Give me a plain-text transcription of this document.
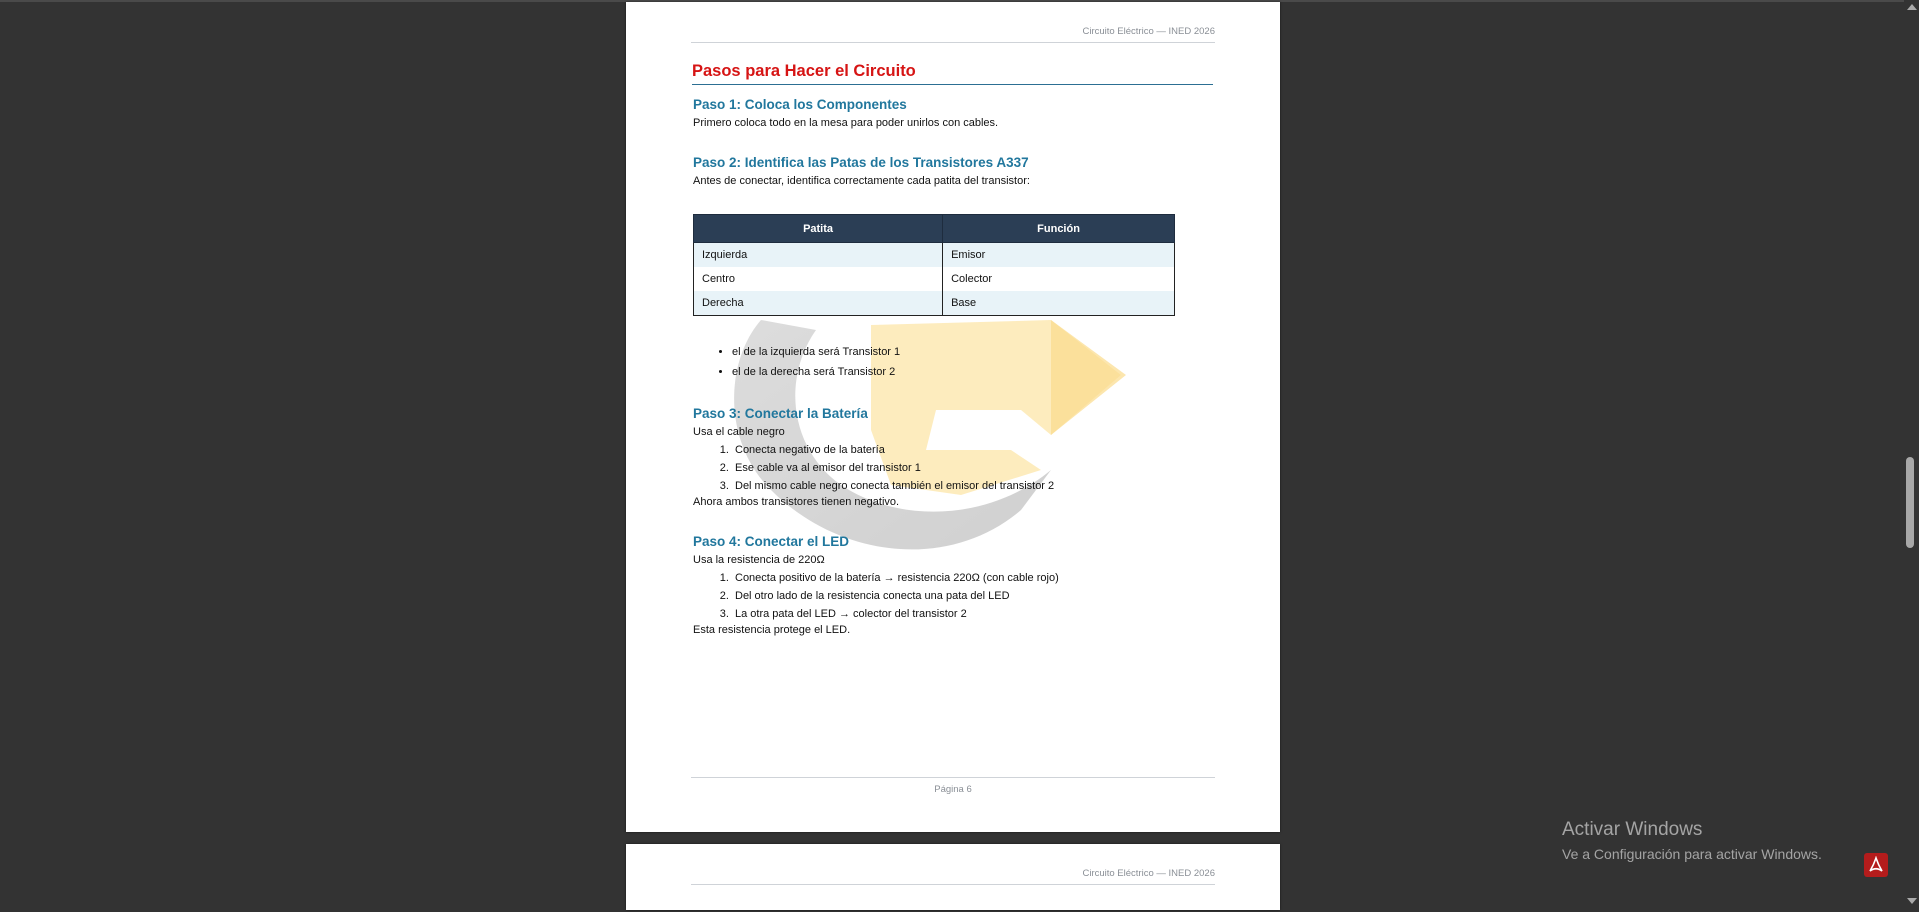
Circuito Eléctrico — INED 2026
Pasos para Hacer el Circuito
Paso 1: Coloca los Componentes

Primero coloca todo en la mesa para poder unirlos con cables.

Paso 2: Identifica las Patas de los Transistores A337

Antes de conectar, identifica correctamente cada patita del transistor:

Patita	Función
Izquierda	Emisor
Centro	Colector
Derecha	Base
• el de la izquierda será Transistor 1
• el de la derecha será Transistor 2
Paso 3: Conectar la Batería

Usa el cable negro

1. Conecta negativo de la batería
2. Ese cable va al emisor del transistor 1
3. Del mismo cable negro conecta también el emisor del transistor 2

Ahora ambos transistores tienen negativo.

Paso 4: Conectar el LED

Usa la resistencia de 220Ω

1. Conecta positivo de la batería → resistencia 220Ω (con cable rojo)
2. Del otro lado de la resistencia conecta una pata del LED
3. La otra pata del LED → colector del transistor 2

Esta resistencia protege el LED.

Página 6
Circuito Eléctrico — INED 2026
Activar Windows
Ve a Configuración para activar Windows.
